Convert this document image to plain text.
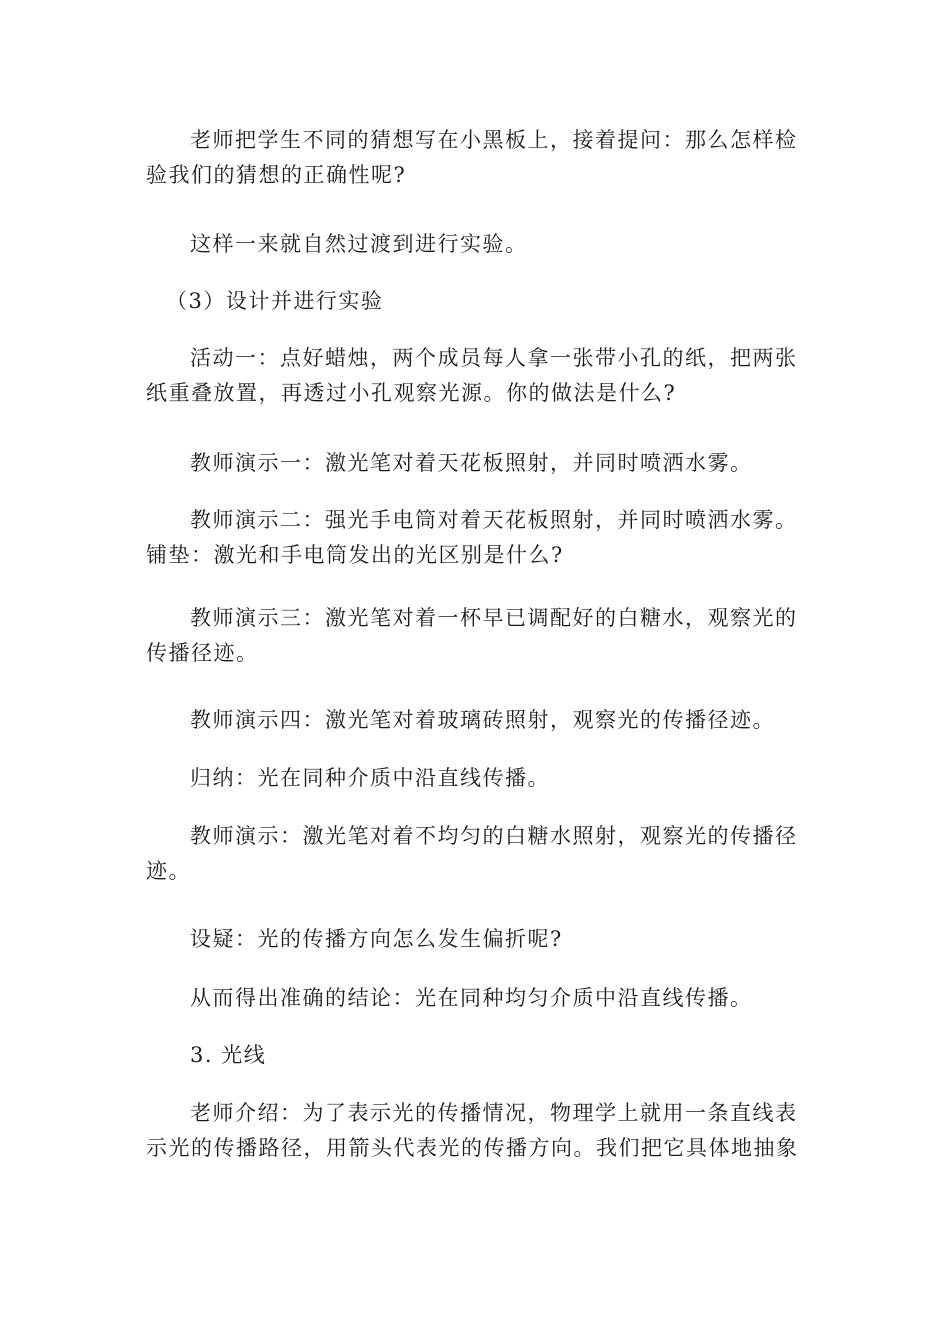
老师把学生不同的猜想写在小黑板上，接着提问：那么怎样检
验我们的猜想的正确性呢?

这样一来就自然过渡到进行实验。

（3）设计并进行实验

活动一：点好蜡烛，两个成员每人拿一张带小孔的纸，把两张
纸重叠放置，再透过小孔观察光源。你的做法是什么?

教师演示一：激光笔对着天花板照射，并同时喷洒水雾。

教师演示二：强光手电筒对着天花板照射，并同时喷洒水雾。
铺垫：激光和手电筒发出的光区别是什么?

教师演示三：激光笔对着一杯早已调配好的白糖水，观察光的
传播径迹。

教师演示四：激光笔对着玻璃砖照射，观察光的传播径迹。

归纳：光在同种介质中沿直线传播。

教师演示：激光笔对着不均匀的白糖水照射，观察光的传播径
迹。

设疑：光的传播方向怎么发生偏折呢?

从而得出准确的结论：光在同种均匀介质中沿直线传播。

3. 光线

老师介绍：为了表示光的传播情况，物理学上就用一条直线表
示光的传播路径，用箭头代表光的传播方向。我们把它具体地抽象
